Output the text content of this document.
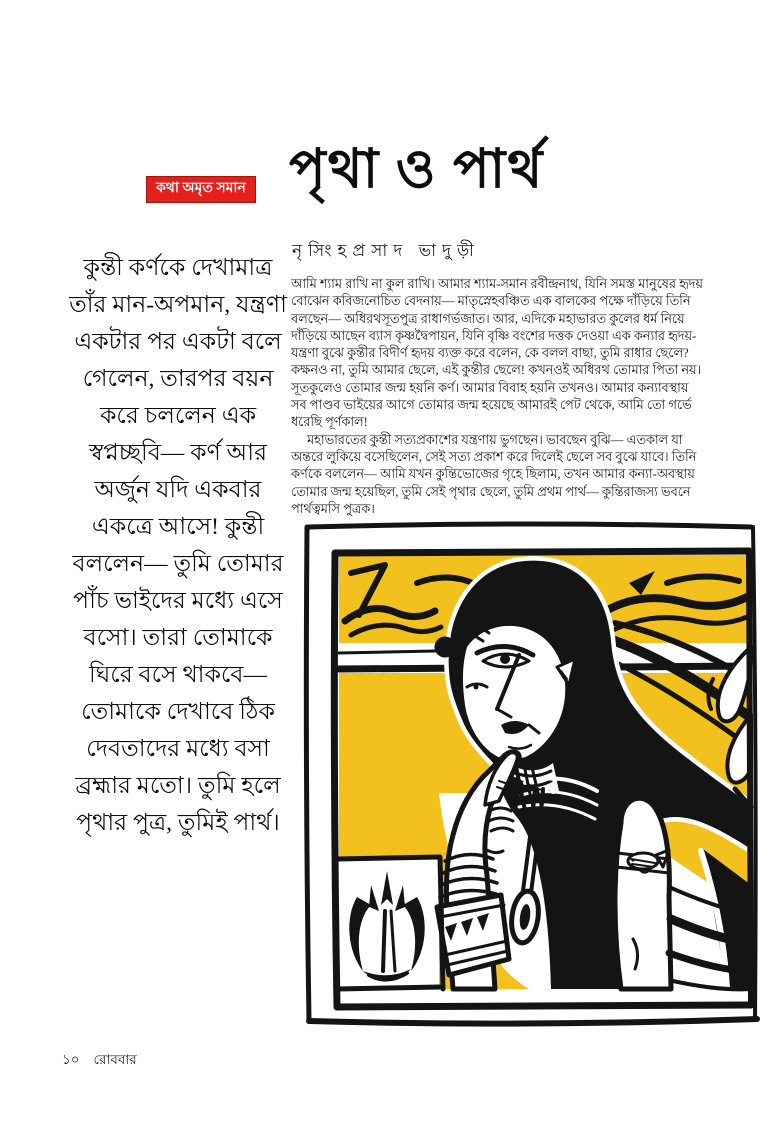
কথা অমৃত সমান পৃথা ও পার্থ
নৃসিংহপ্রসাদ ভাদুড়ী
কুন্তী কর্ণকে দেখামাত্র তাঁর মান-অপমান, যন্ত্রণা একটার পর একটা বলে গেলেন, তারপর বয়ন করে চললেন এক স্বপ্নচ্ছবি— কর্ণ আর অর্জুন যদি একবার একত্রে আসে! কুন্তী বললেন— তুমি তোমার পাঁচ ভাইদের মধ্যে এসে বসো। তারা তোমাকে ঘিরে বসে থাকবে— তোমাকে দেখাবে ঠিক দেবতাদের মধ্যে বসা ব্রহ্মার মতো। তুমি হলে পৃথার পুত্র, তুমিই পার্থ।

আমি শ্যাম রাখি না কুল রাখি। আমার শ্যাম-সমান রবীন্দ্রনাথ, যিনি সমস্ত মানুষের হৃদয় বোঝেন কবিজনোচিত বেদনায়— মাতৃস্নেহবঞ্চিত এক বালকের পক্ষে দাঁড়িয়ে তিনি বলছেন— অধিরথসূতপুত্র রাধাগর্ভজাত। আর, এদিকে মহাভারত কুলের ধর্ম নিয়ে দাঁড়িয়ে আছেন ব্যাস কৃষ্ণদ্বৈপায়ন, যিনি বৃষ্ণি বংশের দত্তক দেওয়া এক কন্যার হৃদয়-যন্ত্রণা বুঝে কুন্তীর বিদীর্ণ হৃদয় ব্যক্ত করে বলেন, কে বলল বাছা, তুমি রাধার ছেলে? কক্ষনও না, তুমি আমার ছেলে, এই কুন্তীর ছেলে! কখনওই অধিরথ তোমার পিতা নয়। সূতকুলেও তোমার জন্ম হয়নি কর্ণ। আমার বিবাহ হয়নি তখনও। আমার কন্যাবস্থায় সব পাণ্ডব ভাইয়ের আগে তোমার জন্ম হয়েছে আমারই পেট থেকে, আমি তো গর্ভে ধরেছি পূর্ণকাল!

মহাভারতের কুন্তী সত্যপ্রকাশের যন্ত্রণায় ভুগছেন। ভাবছেন বুঝি— এতকাল যা অন্তরে লুকিয়ে বসেছিলেন, সেই সত্য প্রকাশ করে দিলেই ছেলে সব বুঝে যাবে। তিনি কর্ণকে বললেন— আমি যখন কুন্তিভোজের গৃহে ছিলাম, তখন আমার কন্যা-অবস্থায় তোমার জন্ম হয়েছিল, তুমি সেই পৃথার ছেলে, তুমি প্রথম পার্থ— কুন্তিরাজস্য ভবনে পার্থত্বমসি পুত্রক।

১০ রোববার
